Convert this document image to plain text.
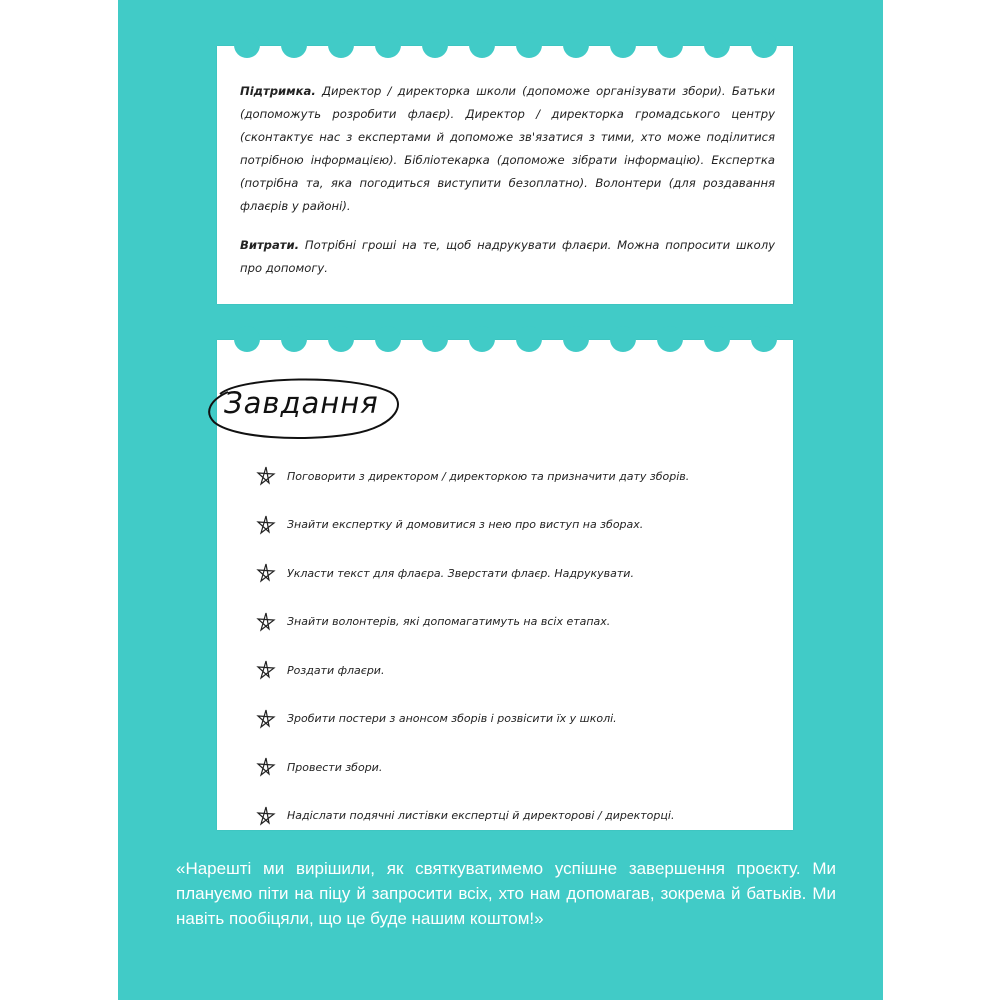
Підтримка. Директор / директорка школи (допоможе організувати збори). Батьки (допоможуть розробити флаєр). Директор / директорка громадського центру (сконтактує нас з експертами й допоможе зв'язатися з тими, хто може поділитися потрібною інформацією). Бібліотекарка (допоможе зібрати інформацію). Експертка (потрібна та, яка погодиться виступити безоплатно). Волонтери (для роздавання флаєрів у районі).

Витрати. Потрібні гроші на те, щоб надрукувати флаєри. Можна попросити школу про допомогу.

Завдання
Поговорити з директором / директоркою та призначити дату зборів.
Знайти експертку й домовитися з нею про виступ на зборах.
Укласти текст для флаєра. Зверстати флаєр. Надрукувати.
Знайти волонтерів, які допомагатимуть на всіх етапах.
Роздати флаєри.
Зробити постери з анонсом зборів і розвісити їх у школі.
Провести збори.
Надіслати подячні листівки експертці й директорові / директорці.

«Нарешті ми вирішили, як святкуватимемо успішне завершення проєкту. Ми плануємо піти на піцу й запросити всіх, хто нам допомагав, зокрема й батьків. Ми навіть пообіцяли, що це буде нашим коштом!»
